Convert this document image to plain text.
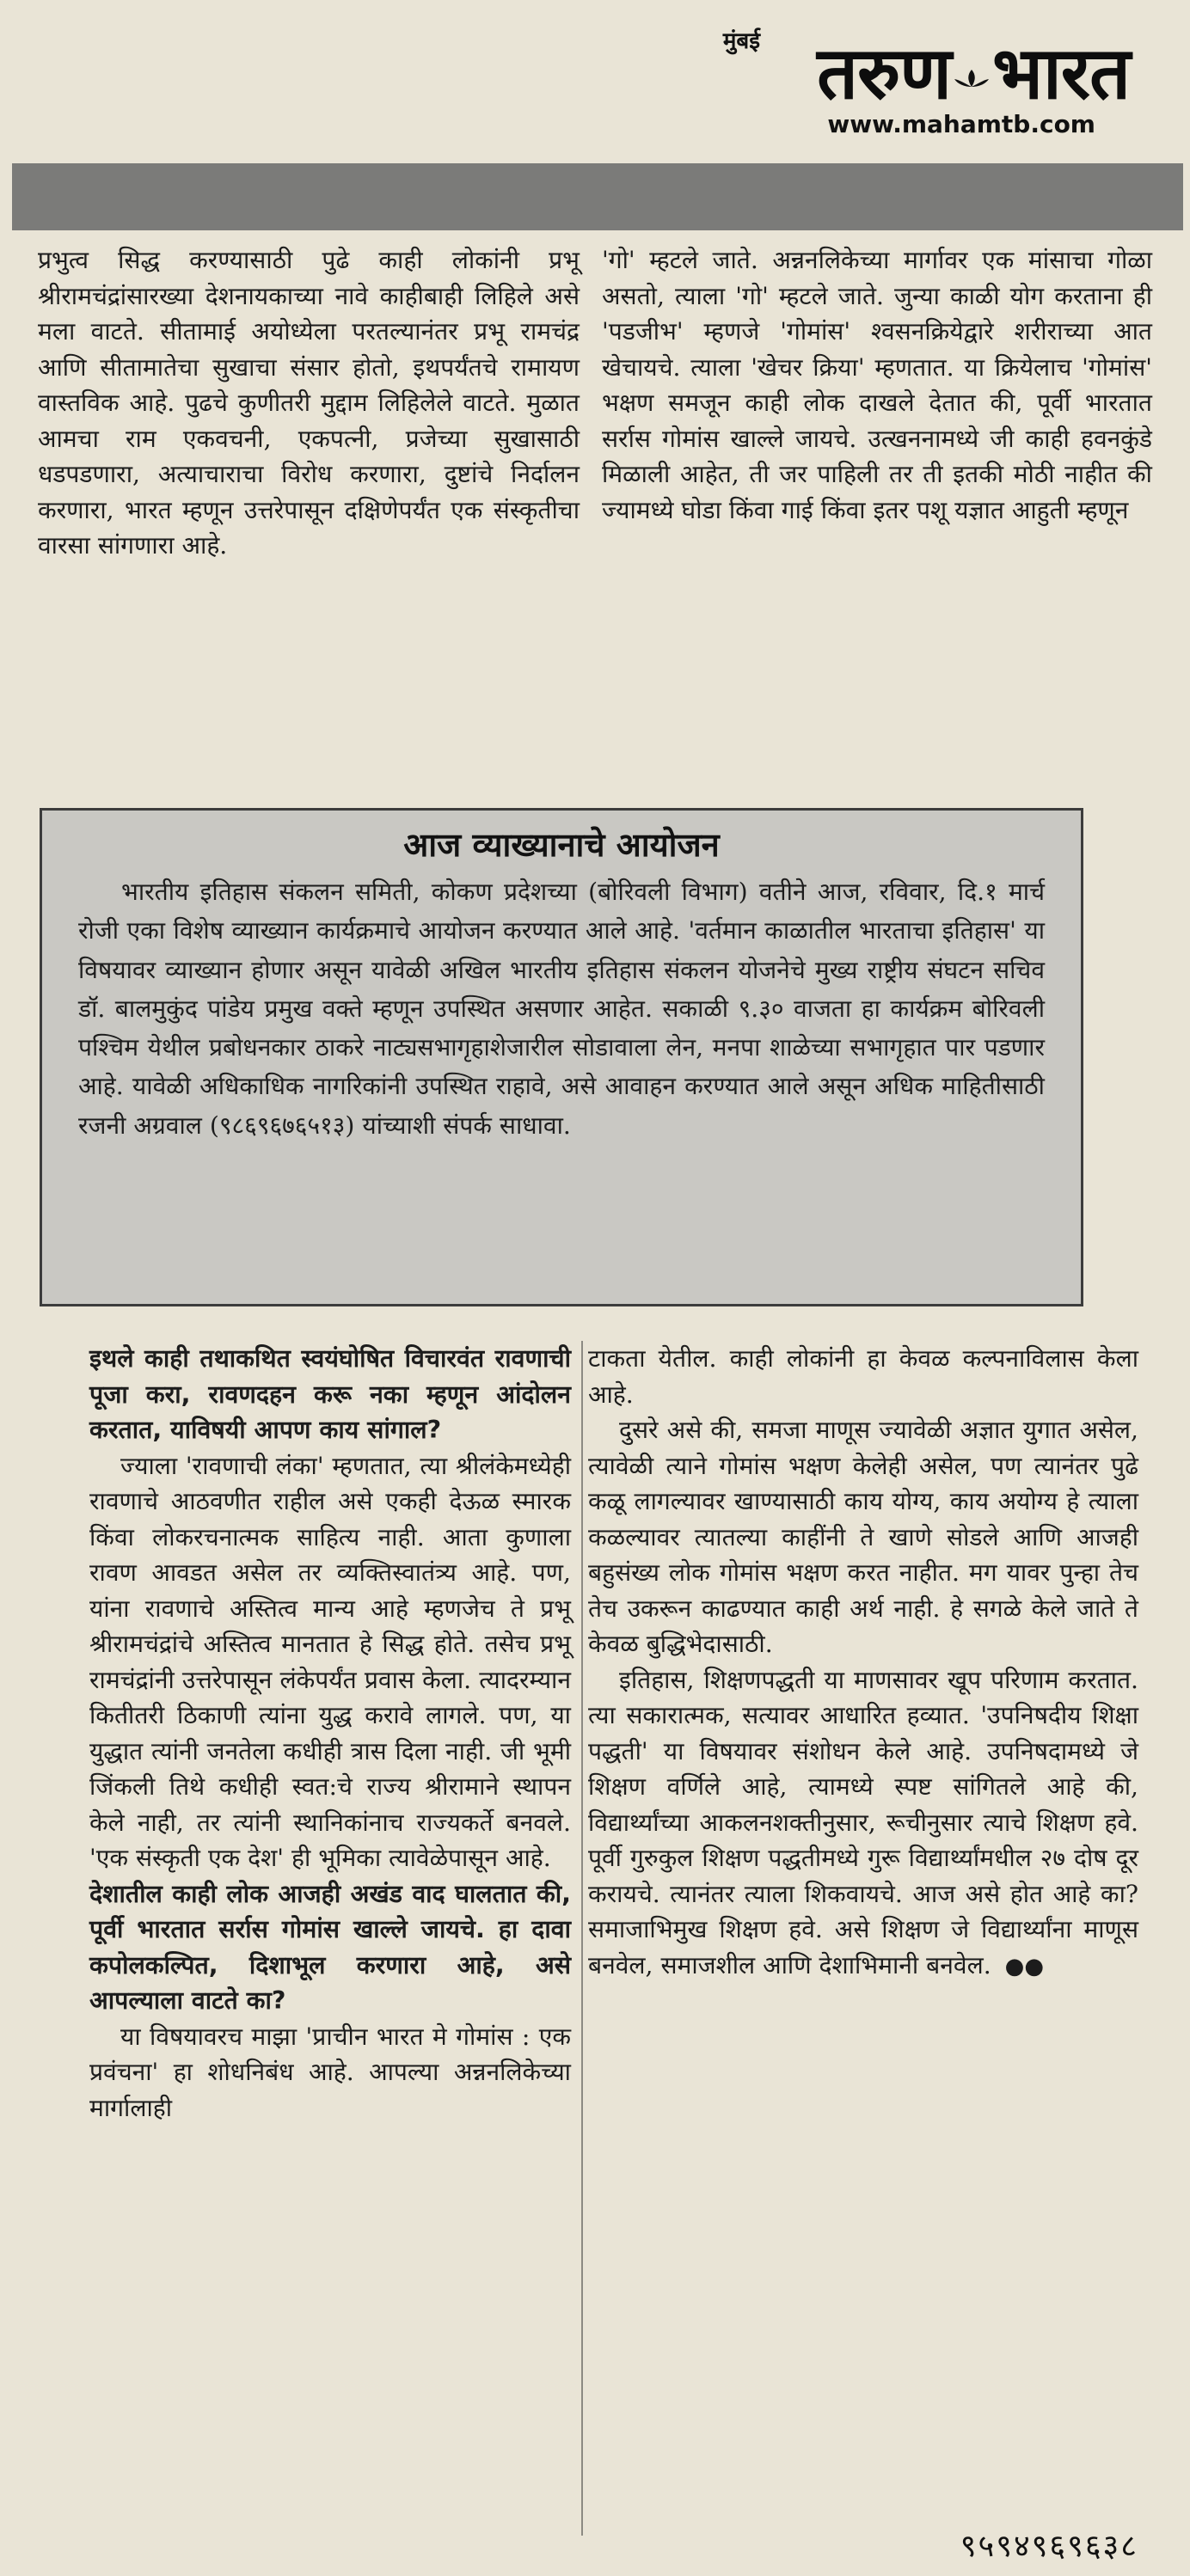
मुंबई तरुण भारत
www.mahamtb.com

प्रभुत्व सिद्ध करण्यासाठी पुढे काही लोकांनी प्रभू श्रीरामचंद्रांसारख्या देशनायकाच्या नावे काहीबाही लिहिले असे मला वाटते. सीतामाई अयोध्येला परतल्यानंतर प्रभू रामचंद्र आणि सीतामातेचा सुखाचा संसार होतो, इथपर्यंतचे रामायण वास्तविक आहे. पुढचे कुणीतरी मुद्दाम लिहिलेले वाटते. मुळात आमचा राम एकवचनी, एकपत्नी, प्रजेच्या सुखासाठी धडपडणारा, अत्याचाराचा विरोध करणारा, दुष्टांचे निर्दालन करणारा, भारत म्हणून उत्तरेपासून दक्षिणेपर्यंत एक संस्कृतीचा वारसा सांगणारा आहे.

'गो' म्हटले जाते. अन्ननलिकेच्या मार्गावर एक मांसाचा गोळा असतो, त्याला 'गो' म्हटले जाते. जुन्या काळी योग करताना ही 'पडजीभ' म्हणजे 'गोमांस' श्वसनक्रियेद्वारे शरीराच्या आत खेचायचे. त्याला 'खेचर क्रिया' म्हणतात. या क्रियेलाच 'गोमांस' भक्षण समजून काही लोक दाखले देतात की, पूर्वी भारतात सर्रास गोमांस खाल्ले जायचे. उत्खननामध्ये जी काही हवनकुंडे मिळाली आहेत, ती जर पाहिली तर ती इतकी मोठी नाहीत की ज्यामध्ये घोडा किंवा गाई किंवा इतर पशू यज्ञात आहुती म्हणून

आज व्याख्यानाचे आयोजन
भारतीय इतिहास संकलन समिती, कोकण प्रदेशच्या (बोरिवली विभाग) वतीने आज, रविवार, दि.१ मार्च रोजी एका विशेष व्याख्यान कार्यक्रमाचे आयोजन करण्यात आले आहे. 'वर्तमान काळातील भारताचा इतिहास' या विषयावर व्याख्यान होणार असून यावेळी अखिल भारतीय इतिहास संकलन योजनेचे मुख्य राष्ट्रीय संघटन सचिव डॉ. बालमुकुंद पांडेय प्रमुख वक्ते म्हणून उपस्थित असणार आहेत. सकाळी ९.३० वाजता हा कार्यक्रम बोरिवली पश्चिम येथील प्रबोधनकार ठाकरे नाट्यसभागृहाशेजारील सोडावाला लेन, मनपा शाळेच्या सभागृहात पार पडणार आहे. यावेळी अधिकाधिक नागरिकांनी उपस्थित राहावे, असे आवाहन करण्यात आले असून अधिक माहितीसाठी रजनी अग्रवाल (९८६९६७६५१३) यांच्याशी संपर्क साधावा.

इथले काही तथाकथित स्वयंघोषित विचारवंत रावणाची पूजा करा, रावणदहन करू नका म्हणून आंदोलन करतात, याविषयी आपण काय सांगाल?

ज्याला 'रावणाची लंका' म्हणतात, त्या श्रीलंकेमध्येही रावणाचे आठवणीत राहील असे एकही देऊळ स्मारक किंवा लोकरचनात्मक साहित्य नाही. आता कुणाला रावण आवडत असेल तर व्यक्तिस्वातंत्र्य आहे. पण, यांना रावणाचे अस्तित्व मान्य आहे म्हणजेच ते प्रभू श्रीरामचंद्रांचे अस्तित्व मानतात हे सिद्ध होते. तसेच प्रभू रामचंद्रांनी उत्तरेपासून लंकेपर्यंत प्रवास केला. त्यादरम्यान कितीतरी ठिकाणी त्यांना युद्ध करावे लागले. पण, या युद्धात त्यांनी जनतेला कधीही त्रास दिला नाही. जी भूमी जिंकली तिथे कधीही स्वत:चे राज्य श्रीरामाने स्थापन केले नाही, तर त्यांनी स्थानिकांनाच राज्यकर्ते बनवले. 'एक संस्कृती एक देश' ही भूमिका त्यावेळेपासून आहे.

देशातील काही लोक आजही अखंड वाद घालतात की, पूर्वी भारतात सर्रास गोमांस खाल्ले जायचे. हा दावा कपोलकल्पित, दिशाभूल करणारा आहे, असे आपल्याला वाटते का?

या विषयावरच माझा 'प्राचीन भारत मे गोमांस : एक प्रवंचना' हा शोधनिबंध आहे. आपल्या अन्ननलिकेच्या मार्गालाही

टाकता येतील. काही लोकांनी हा केवळ कल्पनाविलास केला आहे.

दुसरे असे की, समजा माणूस ज्यावेळी अज्ञात युगात असेल, त्यावेळी त्याने गोमांस भक्षण केलेही असेल, पण त्यानंतर पुढे कळू लागल्यावर खाण्यासाठी काय योग्य, काय अयोग्य हे त्याला कळल्यावर त्यातल्या काहींनी ते खाणे सोडले आणि आजही बहुसंख्य लोक गोमांस भक्षण करत नाहीत. मग यावर पुन्हा तेच तेच उकरून काढण्यात काही अर्थ नाही. हे सगळे केले जाते ते केवळ बुद्धिभेदासाठी.

इतिहास, शिक्षणपद्धती या माणसावर खूप परिणाम करतात. त्या सकारात्मक, सत्यावर आधारित हव्यात. 'उपनिषदीय शिक्षा पद्धती' या विषयावर संशोधन केले आहे. उपनिषदामध्ये जे शिक्षण वर्णिले आहे, त्यामध्ये स्पष्ट सांगितले आहे की, विद्यार्थ्यांच्या आकलनशक्तीनुसार, रूचीनुसार त्याचे शिक्षण हवे. पूर्वी गुरुकुल शिक्षण पद्धतीमध्ये गुरू विद्यार्थ्यांमधील २७ दोष दूर करायचे. त्यानंतर त्याला शिकवायचे. आज असे होत आहे का? समाजाभिमुख शिक्षण हवे. असे शिक्षण जे विद्यार्थ्यांना माणूस बनवेल, समाजशील आणि देशाभिमानी बनवेल. ●●

९५९४९६९६३८
